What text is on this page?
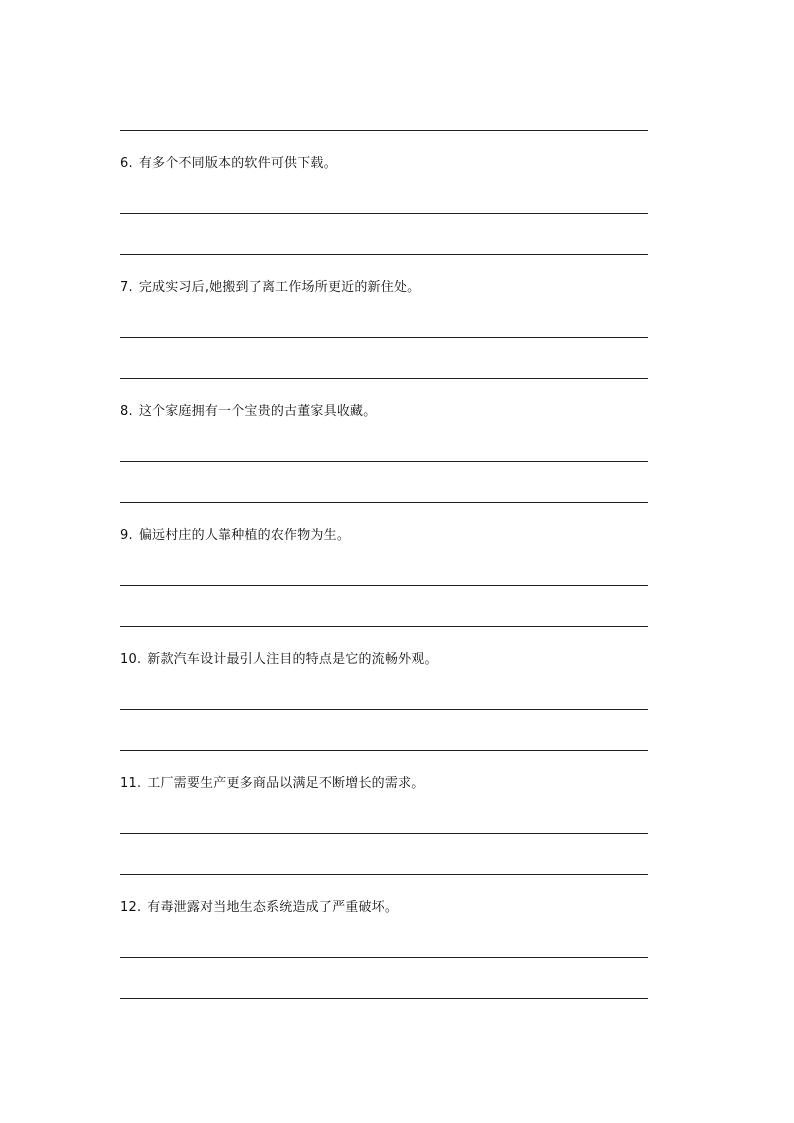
6. 有多个不同版本的软件可供下载。
7. 完成实习后,她搬到了离工作场所更近的新住处。
8. 这个家庭拥有一个宝贵的古董家具收藏。
9. 偏远村庄的人靠种植的农作物为生。
10. 新款汽车设计最引人注目的特点是它的流畅外观。
11. 工厂需要生产更多商品以满足不断增长的需求。
12. 有毒泄露对当地生态系统造成了严重破坏。
